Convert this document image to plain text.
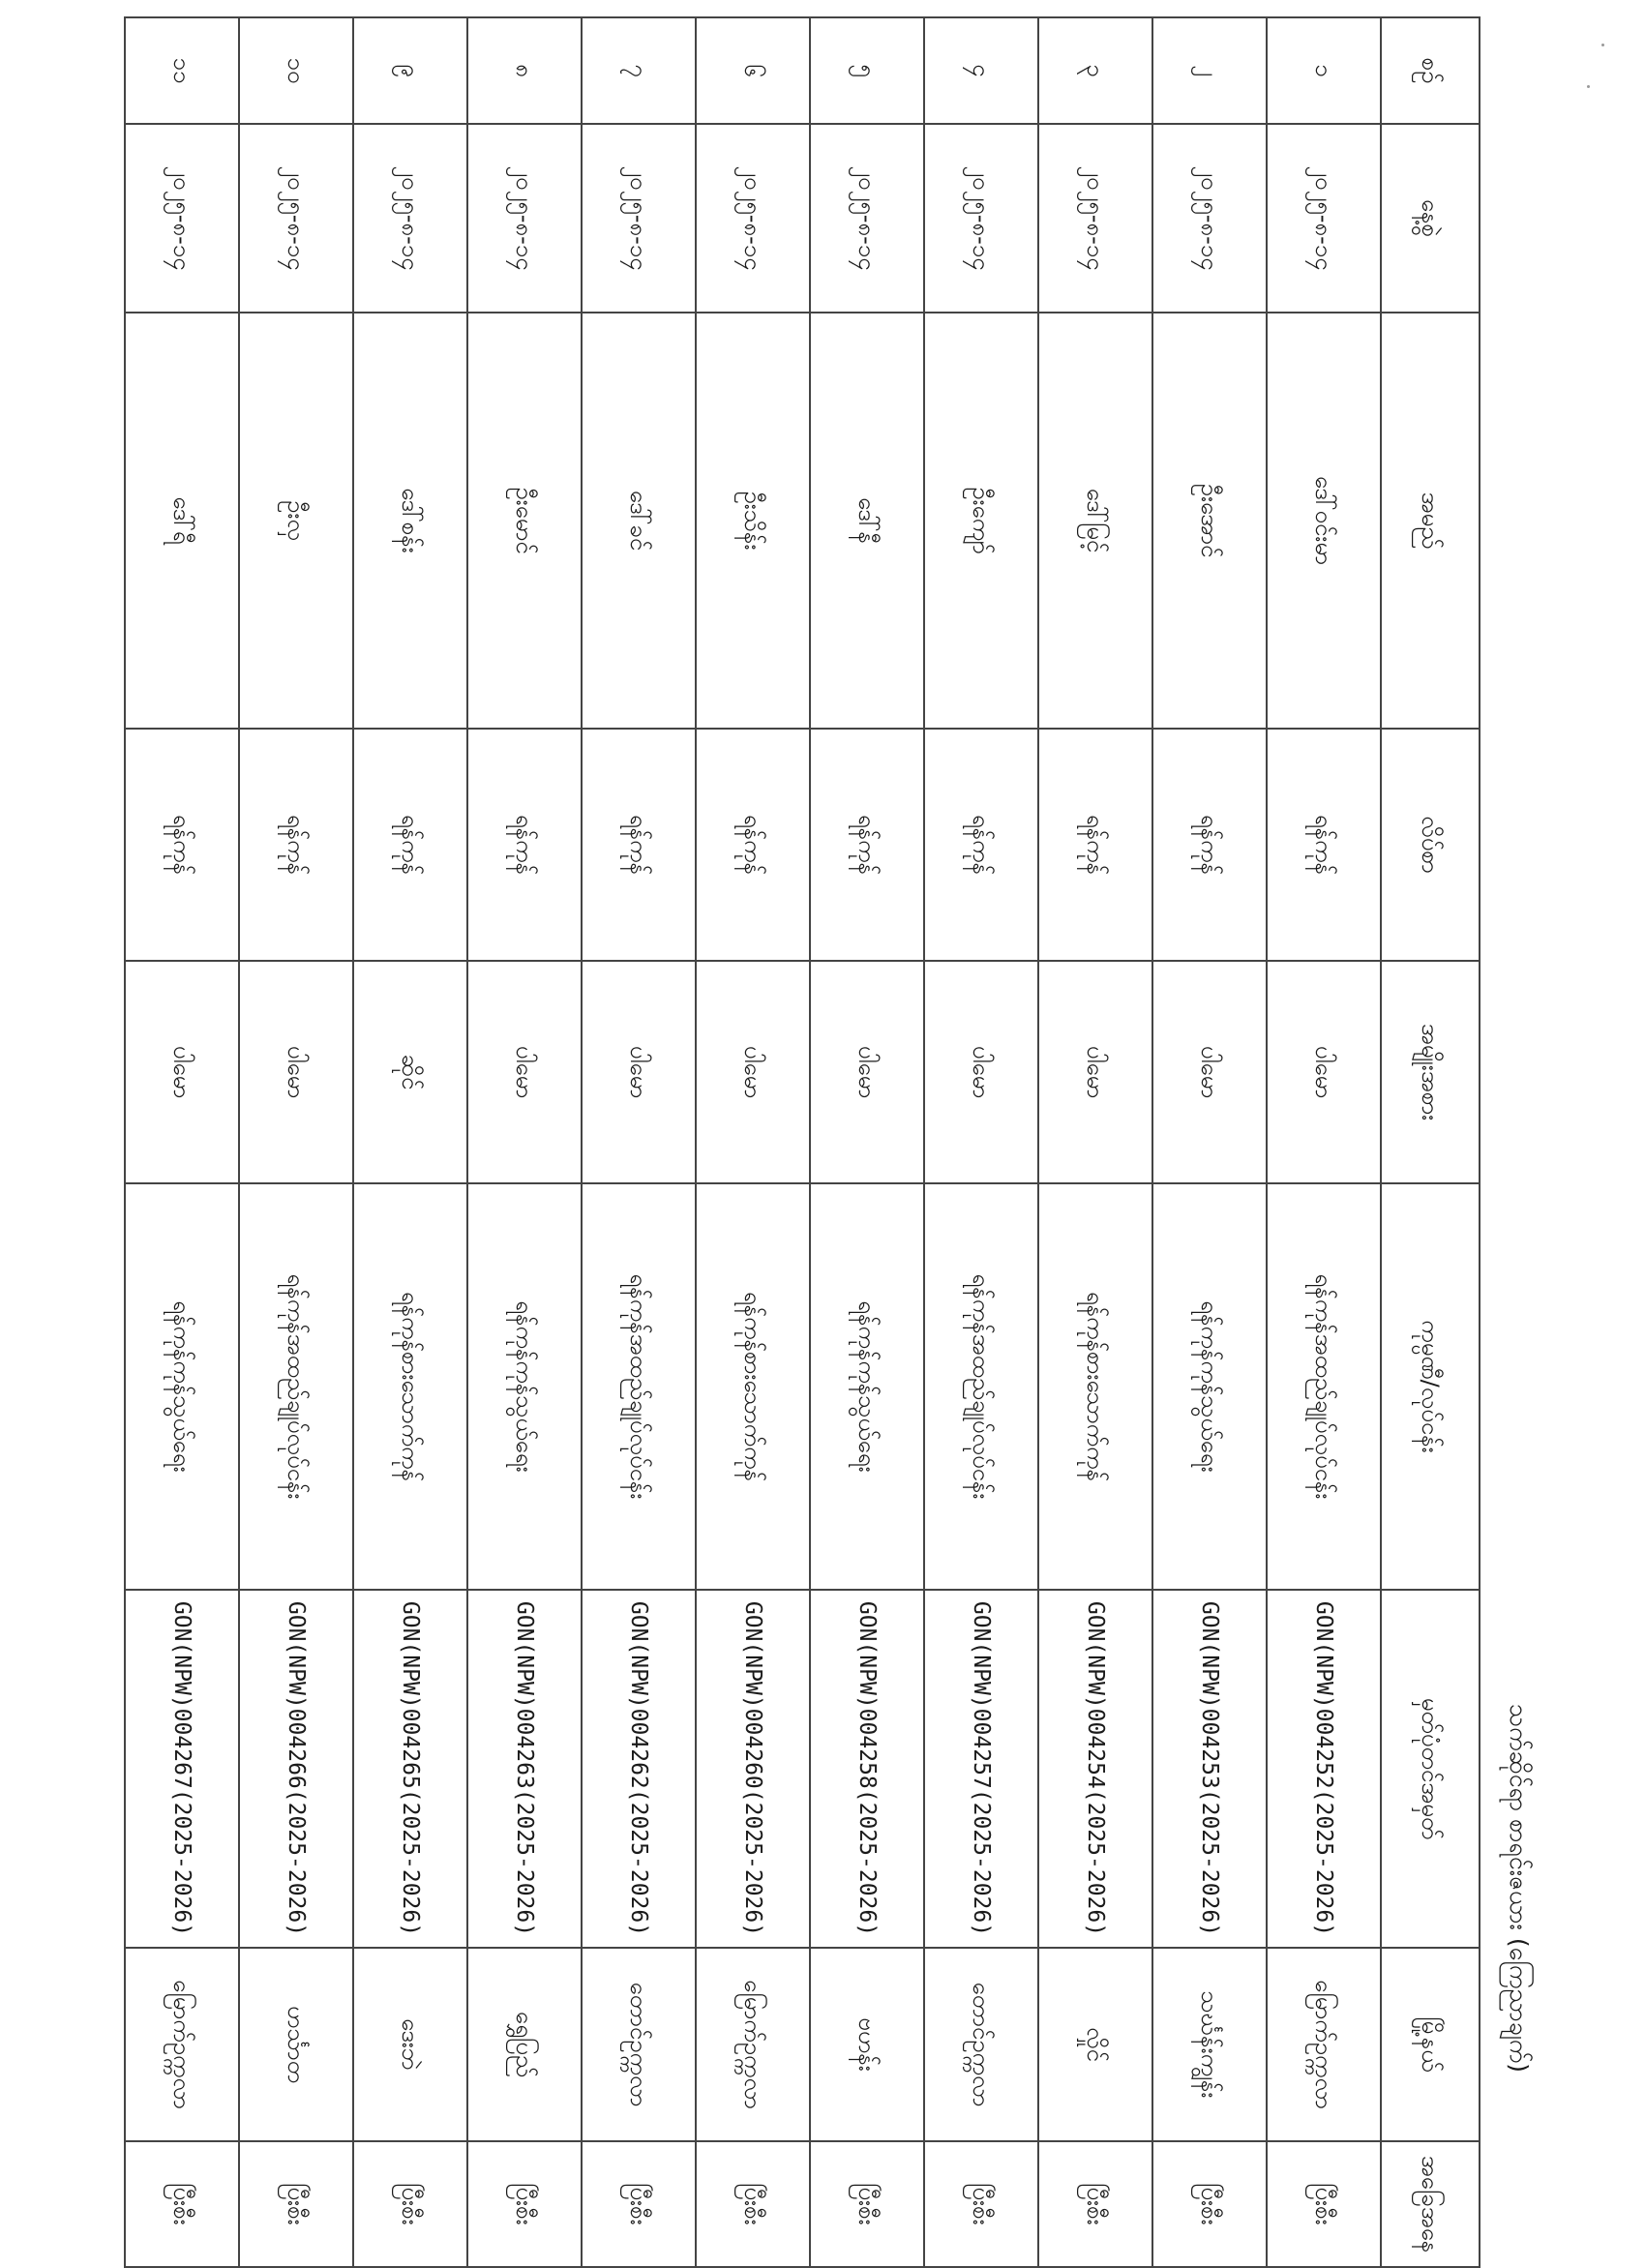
သက်ဆိုင်ရာ စာရင်းဇယား (ကြေညာချက်)
စဉ်	နေ့စွဲ	အမည်	လိပ်စာ	အမျိုးအစား	ကုမ္ပဏီ/လုပ်ငန်း	မှတ်ပုံတင်အမှတ်	မြို့နယ်	အခြေအနေ
၁	၂၀၂၅-၈-၁၄	ဒေါ်ဝင်းမာ	ရန်ကုန်	ပါမော	ရန်ကုန်အထည်ချုပ်လုပ်ငန်း	GON(NPW)004252(2025-2026)	မြောက်ဥက္ကလာ	ပြီးစီး
၂	၂၀၂၅-၈-၁၄	ဦးအောင်	ရန်ကုန်	ပါမော	ရန်ကုန်ကုန်သွယ်ရေး	GON(NPW)004253(2025-2026)	သင်္ဃန်းကျွန်း	ပြီးစီး
၃	၂၀၂၅-၈-၁၄	ဒေါ်မြင့်	ရန်ကုန်	ပါမော	ရန်ကုန်စားသောက်ကုန်	GON(NPW)004254(2025-2026)	လှိုင်	ပြီးစီး
၄	၂၀၂၅-၈-၁၄	ဦးကျော်	ရန်ကုန်	ပါမော	ရန်ကုန်အထည်ချုပ်လုပ်ငန်း	GON(NPW)004257(2025-2026)	တောင်ဥက္ကလာ	ပြီးစီး
၅	၂၀၂၅-၈-၁၄	ဒေါ်နီ	ရန်ကုန်	ပါမော	ရန်ကုန်ကုန်သွယ်ရေး	GON(NPW)004258(2025-2026)	ဗဟန်း	ပြီးစီး
၆	၂၀၂၅-၈-၁၄	ဦးသိန်း	ရန်ကုန်	ပါမော	ရန်ကုန်စားသောက်ကုန်	GON(NPW)004260(2025-2026)	မြောက်ဥက္ကလာ	ပြီးစီး
၇	၂၀၂၅-၈-၁၄	ဒေါ်ခင်	ရန်ကုန်	ပါမော	ရန်ကုန်အထည်ချုပ်လုပ်ငန်း	GON(NPW)004262(2025-2026)	တောင်ဥက္ကလာ	ပြီးစီး
၈	၂၀၂၅-၈-၁၄	ဦးမောင်	ရန်ကုန်	ပါမော	ရန်ကုန်ကုန်သွယ်ရေး	GON(NPW)004263(2025-2026)	ရွှေပြည်	ပြီးစီး
၉	၂၀၂၅-၈-၁၄	ဒေါ်စန်း	ရန်ကုန်	ဆိုင်	ရန်ကုန်စားသောက်ကုန်	GON(NPW)004265(2025-2026)	ဒေးဘဲ	ပြီးစီး
၁၀	၂၀၂၅-၈-၁၄	ဦးလှ	ရန်ကုန်	ပါမော	ရန်ကုန်အထည်ချုပ်လုပ်ငန်း	GON(NPW)004266(2025-2026)	ဟင်္သာတ	ပြီးစီး
၁၁	၂၀၂၅-၈-၁၄	ဒေါ်ရီ	ရန်ကုန်	ပါမော	ရန်ကုန်ကုန်သွယ်ရေး	GON(NPW)004267(2025-2026)	မြောက်ဥက္ကလာ	ပြီးစီး
